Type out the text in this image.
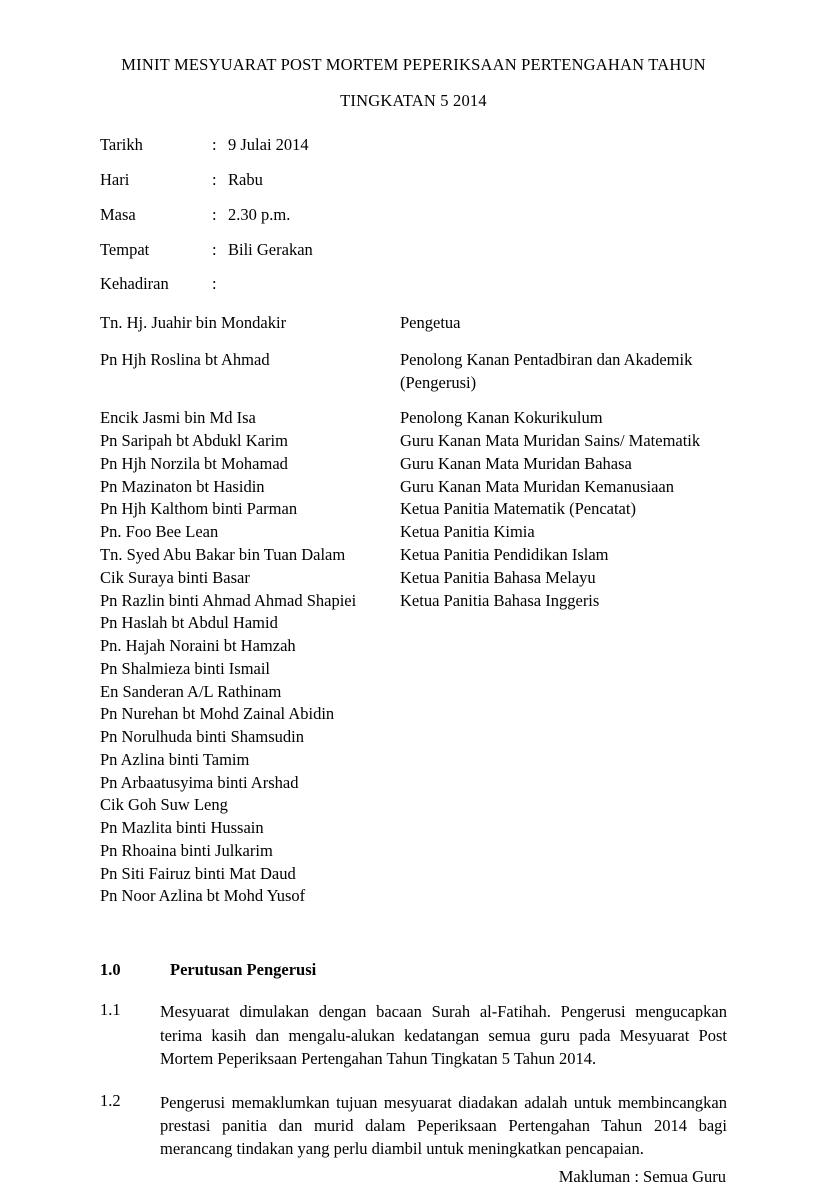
MINIT MESYUARAT POST MORTEM PEPERIKSAAN PERTENGAHAN TAHUN
TINGKATAN 5 2014
Tarikh	:	9 Julai 2014
Hari	:	Rabu
Masa	:	2.30 p.m.
Tempat	:	Bili Gerakan
Kehadiran	:	
Tn. Hj. Juahir bin Mondakir	Pengetua
Pn Hjh Roslina bt Ahmad	Penolong Kanan Pentadbiran dan Akademik
(Pengerusi)
Encik Jasmi bin Md Isa	Penolong Kanan Kokurikulum
Pn Saripah bt Abdukl Karim	Guru Kanan Mata Muridan Sains/ Matematik
Pn Hjh Norzila bt Mohamad	Guru Kanan Mata Muridan Bahasa
Pn Mazinaton bt Hasidin	Guru Kanan Mata Muridan Kemanusiaan
Pn Hjh Kalthom binti Parman	Ketua Panitia Matematik (Pencatat)
Pn. Foo Bee Lean	Ketua Panitia Kimia
Tn. Syed Abu Bakar bin Tuan Dalam	Ketua Panitia Pendidikan Islam
Cik Suraya binti Basar	Ketua Panitia Bahasa Melayu
Pn Razlin binti Ahmad Ahmad Shapiei	Ketua Panitia Bahasa Inggeris
Pn Haslah bt Abdul Hamid
Pn. Hajah Noraini bt Hamzah
Pn Shalmieza binti Ismail
En Sanderan A/L Rathinam
Pn Nurehan bt Mohd Zainal Abidin
Pn Norulhuda binti Shamsudin
Pn Azlina binti Tamim
Pn Arbaatusyima binti Arshad
Cik Goh Suw Leng
Pn Mazlita binti Hussain
Pn Rhoaina binti Julkarim
Pn Siti Fairuz binti Mat Daud
Pn Noor Azlina bt Mohd Yusof
1.0	Perutusan Pengerusi
1.1	Mesyuarat dimulakan dengan bacaan Surah al-Fatihah. Pengerusi mengucapkan terima kasih dan mengalu-alukan kedatangan semua guru pada Mesyuarat Post Mortem Peperiksaan Pertengahan Tahun Tingkatan 5 Tahun 2014.
1.2	Pengerusi memaklumkan tujuan mesyuarat diadakan adalah untuk membincangkan prestasi panitia dan murid dalam Peperiksaan Pertengahan Tahun 2014 bagi merancang tindakan yang perlu diambil untuk meningkatkan pencapaian.
Makluman : Semua Guru
